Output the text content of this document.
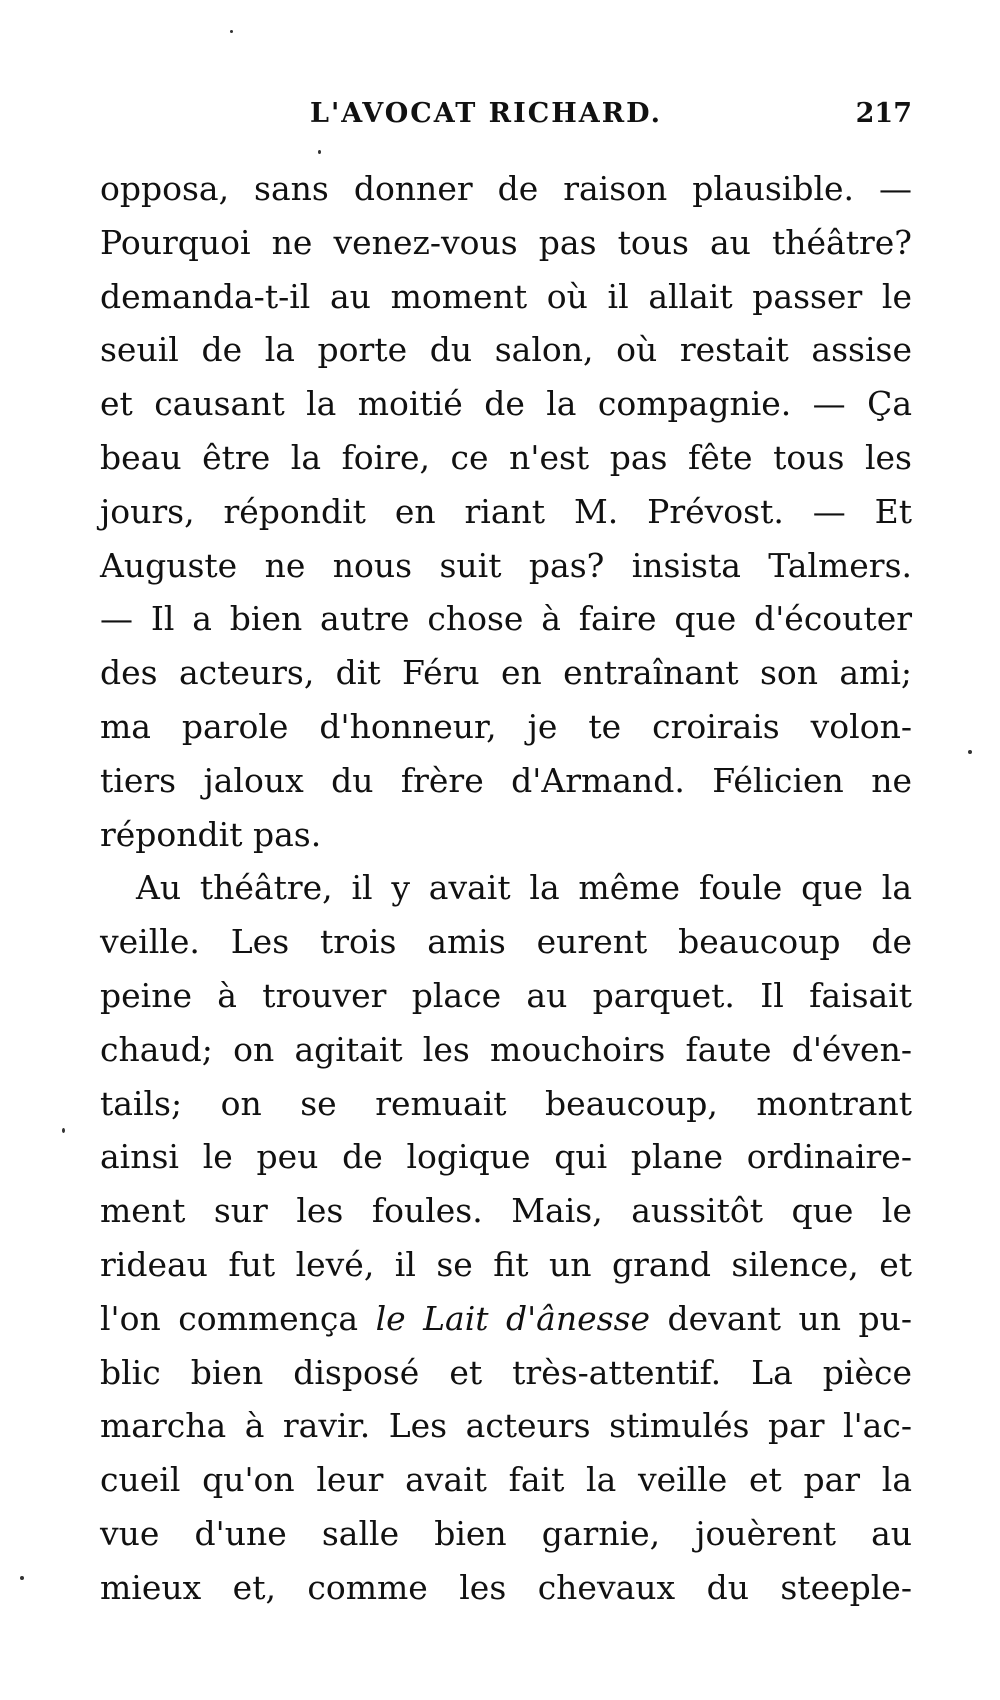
L'AVOCAT RICHARD.	217
opposa, sans donner de raison plausible. —
Pourquoi ne venez-vous pas tous au théâtre?
demanda-t-il au moment où il allait passer le
seuil de la porte du salon, où restait assise
et causant la moitié de la compagnie. — Ça
beau être la foire, ce n'est pas fête tous les
jours, répondit en riant M. Prévost. — Et
Auguste ne nous suit pas? insista Talmers.
— Il a bien autre chose à faire que d'écouter
des acteurs, dit Féru en entraînant son ami;
ma parole d'honneur, je te croirais volon-
tiers jaloux du frère d'Armand. Félicien ne
répondit pas.
Au théâtre, il y avait la même foule que la
veille. Les trois amis eurent beaucoup de
peine à trouver place au parquet. Il faisait
chaud; on agitait les mouchoirs faute d'éven-
tails; on se remuait beaucoup, montrant
ainsi le peu de logique qui plane ordinaire-
ment sur les foules. Mais, aussitôt que le
rideau fut levé, il se fit un grand silence, et
l'on commença le Lait d'ânesse devant un pu-
blic bien disposé et très-attentif. La pièce
marcha à ravir. Les acteurs stimulés par l'ac-
cueil qu'on leur avait fait la veille et par la
vue d'une salle bien garnie, jouèrent au
mieux et, comme les chevaux du steeple-
